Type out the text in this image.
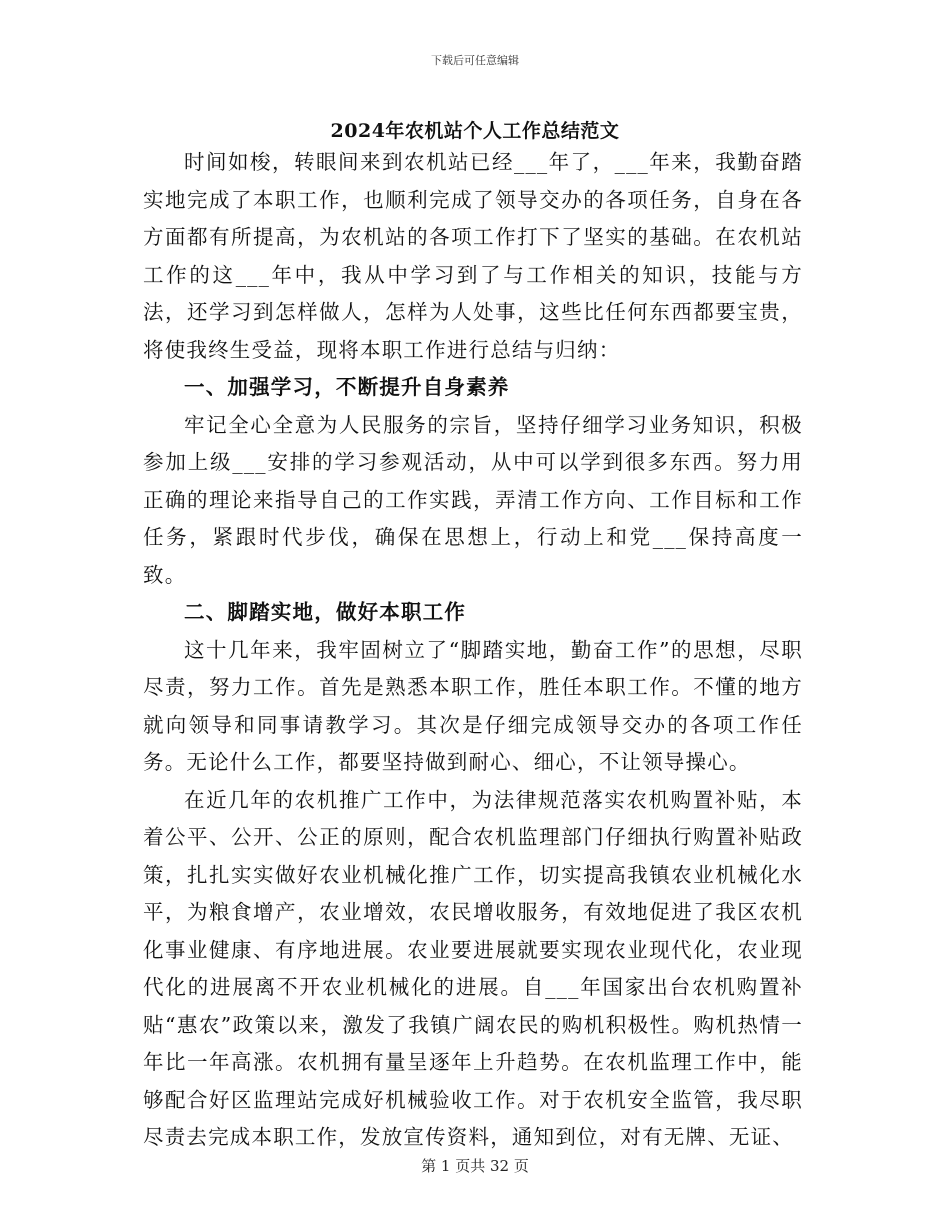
下载后可任意编辑
2024年农机站个人工作总结范文

时间如梭，转眼间来到农机站已经___年了，___年来，我勤奋踏实地完成了本职工作，也顺利完成了领导交办的各项任务，自身在各方面都有所提高，为农机站的各项工作打下了坚实的基础。在农机站工作的这___年中，我从中学习到了与工作相关的知识，技能与方法，还学习到怎样做人，怎样为人处事，这些比任何东西都要宝贵，将使我终生受益，现将本职工作进行总结与归纳：

一、加强学习，不断提升自身素养

牢记全心全意为人民服务的宗旨，坚持仔细学习业务知识，积极参加上级___安排的学习参观活动，从中可以学到很多东西。努力用正确的理论来指导自己的工作实践，弄清工作方向、工作目标和工作任务，紧跟时代步伐，确保在思想上，行动上和党___保持高度一致。

二、脚踏实地，做好本职工作

这十几年来，我牢固树立了“脚踏实地，勤奋工作”的思想，尽职尽责，努力工作。首先是熟悉本职工作，胜任本职工作。不懂的地方就向领导和同事请教学习。其次是仔细完成领导交办的各项工作任务。无论什么工作，都要坚持做到耐心、细心，不让领导操心。

在近几年的农机推广工作中，为法律规范落实农机购置补贴，本着公平、公开、公正的原则，配合农机监理部门仔细执行购置补贴政策，扎扎实实做好农业机械化推广工作，切实提高我镇农业机械化水平，为粮食增产，农业增效，农民增收服务，有效地促进了我区农机化事业健康、有序地进展。农业要进展就要实现农业现代化，农业现代化的进展离不开农业机械化的进展。自___年国家出台农机购置补贴“惠农”政策以来，激发了我镇广阔农民的购机积极性。购机热情一年比一年高涨。农机拥有量呈逐年上升趋势。在农机监理工作中，能够配合好区监理站完成好机械验收工作。对于农机安全监管，我尽职尽责去完成本职工作，发放宣传资料，通知到位，对有无牌、无证、

第 1 页共 32 页
